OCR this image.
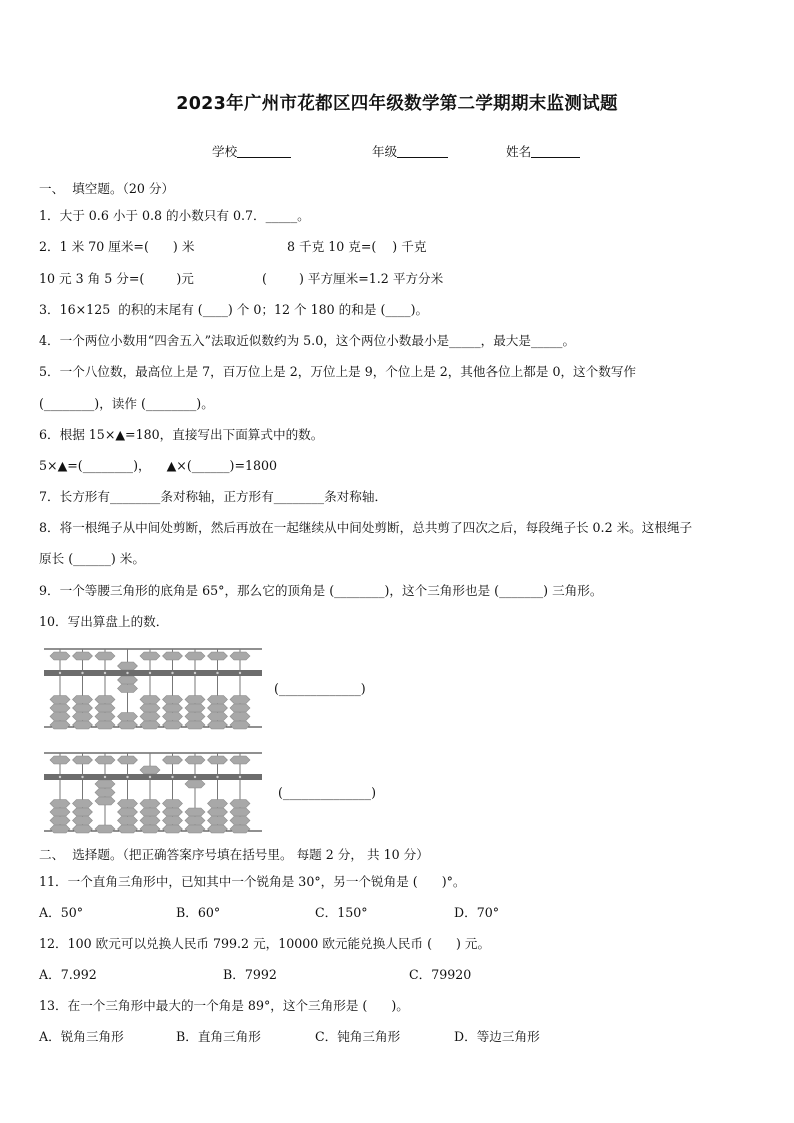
2023年广州市花都区四年级数学第二学期期末监测试题
学校	年级	姓名
一、  填空题。（20 分）
1．大于 0.6 小于 0.8 的小数只有 0.7．_____。
2．1 米 70 厘米=(      ) 米	8 千克 10 克=(    ) 千克
10 元 3 角 5 分=(        )元	(        ) 平方厘米=1.2 平方分米
3．16×125  的积的末尾有 (____) 个 0；12 个 180 的和是 (____)。
4．一个两位小数用“四舍五入”法取近似数约为 5.0，这个两位小数最小是_____，最大是_____。
5．一个八位数，最高位上是 7，百万位上是 2，万位上是 9，个位上是 2，其他各位上都是 0，这个数写作
(________)，读作 (________)。
6．根据 15×▲=180，直接写出下面算式中的数。
5×▲=(________)，    ▲×(______)=1800
7．长方形有________条对称轴，正方形有________条对称轴．
8．将一根绳子从中间处剪断，然后再放在一起继续从中间处剪断，总共剪了四次之后，每段绳子长 0.2 米。这根绳子
原长 (______) 米。
9．一个等腰三角形的底角是 65°，那么它的顶角是 (________)，这个三角形也是 (_______) 三角形。
10．写出算盘上的数．
(_____________)
(______________)
二、  选择题。（把正确答案序号填在括号里。 每题 2 分， 共 10 分）
11．一个直角三角形中，已知其中一个锐角是 30°，另一个锐角是 (      )°。
A．50°	B．60°	C．150°	D．70°
12．100 欧元可以兑换人民币 799.2 元，10000 欧元能兑换人民币 (      ) 元。
A．7.992	B．7992	C．79920
13．在一个三角形中最大的一个角是 89°，这个三角形是 (      )。
A．锐角三角形	B．直角三角形	C．钝角三角形	D．等边三角形
